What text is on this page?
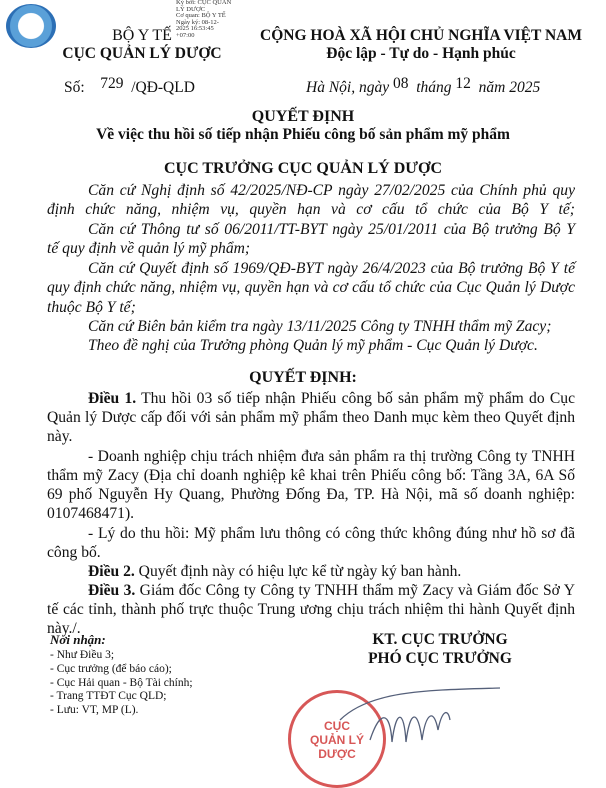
Ký bởi: CỤC QUẢN
LÝ DƯỢC
Cơ quan: BỘ Y TẾ
Ngày ký: 08-12-
2025 16:53:45
+07:00
BỘ Y TẾ
CỤC QUẢN LÝ DƯỢC
Số: 729 /QĐ-QLD
CỘNG HOÀ XÃ HỘI CHỦ NGHĨA VIỆT NAM
Độc lập - Tự do - Hạnh phúc
Hà Nội, ngày 08 tháng 12 năm 2025
QUYẾT ĐỊNH
Về việc thu hồi số tiếp nhận Phiếu công bố sản phẩm mỹ phẩm
CỤC TRƯỞNG CỤC QUẢN LÝ DƯỢC
Căn cứ Nghị định số 42/2025/NĐ-CP ngày 27/02/2025 của Chính phủ quy
định chức năng, nhiệm vụ, quyền hạn và cơ cấu tổ chức của Bộ Y tế;
Căn cứ Thông tư số 06/2011/TT-BYT ngày 25/01/2011 của Bộ trưởng Bộ Y
tế quy định về quản lý mỹ phẩm;
Căn cứ Quyết định số 1969/QĐ-BYT ngày 26/4/2023 của Bộ trưởng Bộ Y tế
quy định chức năng, nhiệm vụ, quyền hạn và cơ cấu tổ chức của Cục Quản lý Dược
thuộc Bộ Y tế;
Căn cứ Biên bản kiểm tra ngày 13/11/2025 Công ty TNHH thẩm mỹ Zacy;
Theo đề nghị của Trưởng phòng Quản lý mỹ phẩm - Cục Quản lý Dược.
QUYẾT ĐỊNH:
Điều 1. Thu hồi 03 số tiếp nhận Phiếu công bố sản phẩm mỹ phẩm do Cục
Quản lý Dược cấp đối với sản phẩm mỹ phẩm theo Danh mục kèm theo Quyết định
này.
- Doanh nghiệp chịu trách nhiệm đưa sản phẩm ra thị trường Công ty TNHH
thẩm mỹ Zacy (Địa chỉ doanh nghiệp kê khai trên Phiếu công bố: Tầng 3A, 6A Số
69 phố Nguyễn Hy Quang, Phường Đống Đa, TP. Hà Nội, mã số doanh nghiệp:
0107468471).
- Lý do thu hồi: Mỹ phẩm lưu thông có công thức không đúng như hồ sơ đã
công bố.
Điều 2. Quyết định này có hiệu lực kể từ ngày ký ban hành.
Điều 3. Giám đốc Công ty Công ty TNHH thẩm mỹ Zacy và Giám đốc Sở Y
tế các tỉnh, thành phố trực thuộc Trung ương chịu trách nhiệm thi hành Quyết định
này./.
Nơi nhận:
- Như Điều 3;
- Cục trưởng (để báo cáo);
- Cục Hải quan - Bộ Tài chính;
- Trang TTĐT Cục QLD;
- Lưu: VT, MP (L).
KT. CỤC TRƯỞNG
PHÓ CỤC TRƯỞNG
CỤC
QUẢN LÝ
DƯỢC
